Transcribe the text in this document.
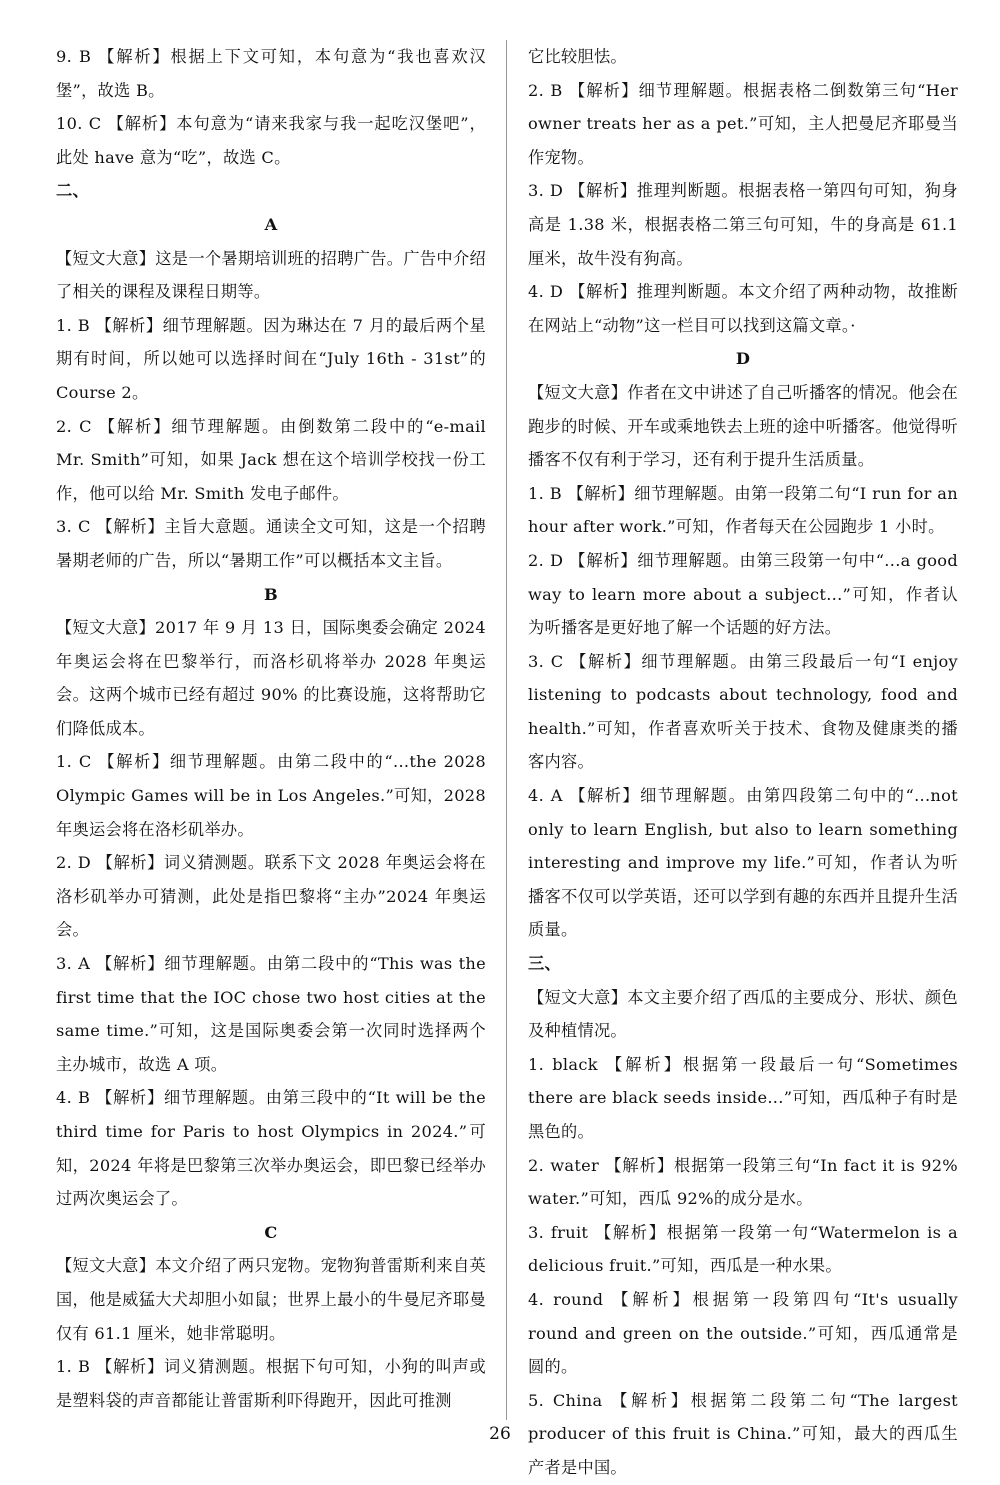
9. B 【解析】根据上下文可知，本句意为“我也喜欢汉堡”，故选 B。

10. C 【解析】本句意为“请来我家与我一起吃汉堡吧”，此处 have 意为“吃”，故选 C。

二、

A

【短文大意】这是一个暑期培训班的招聘广告。广告中介绍了相关的课程及课程日期等。

1. B 【解析】细节理解题。因为琳达在 7 月的最后两个星期有时间，所以她可以选择时间在“July 16th - 31st”的 Course 2。

2. C 【解析】细节理解题。由倒数第二段中的“e-mail Mr. Smith”可知，如果 Jack 想在这个培训学校找一份工作，他可以给 Mr. Smith 发电子邮件。

3. C 【解析】主旨大意题。通读全文可知，这是一个招聘暑期老师的广告，所以“暑期工作”可以概括本文主旨。

B

【短文大意】2017 年 9 月 13 日，国际奥委会确定 2024 年奥运会将在巴黎举行，而洛杉矶将举办 2028 年奥运会。这两个城市已经有超过 90% 的比赛设施，这将帮助它们降低成本。

1. C 【解析】细节理解题。由第二段中的“...the 2028 Olympic Games will be in Los Angeles.”可知，2028 年奥运会将在洛杉矶举办。

2. D 【解析】词义猜测题。联系下文 2028 年奥运会将在洛杉矶举办可猜测，此处是指巴黎将“主办”2024 年奥运会。

3. A 【解析】细节理解题。由第二段中的“This was the first time that the IOC chose two host cities at the same time.”可知，这是国际奥委会第一次同时选择两个主办城市，故选 A 项。

4. B 【解析】细节理解题。由第三段中的“It will be the third time for Paris to host Olympics in 2024.”可知，2024 年将是巴黎第三次举办奥运会，即巴黎已经举办过两次奥运会了。

C

【短文大意】本文介绍了两只宠物。宠物狗普雷斯利来自英国，他是威猛大犬却胆小如鼠；世界上最小的牛曼尼齐耶曼仅有 61.1 厘米，她非常聪明。

1. B 【解析】词义猜测题。根据下句可知，小狗的叫声或是塑料袋的声音都能让普雷斯利吓得跑开，因此可推测

它比较胆怯。

2. B 【解析】细节理解题。根据表格二倒数第三句“Her owner treats her as a pet.”可知，主人把曼尼齐耶曼当作宠物。

3. D 【解析】推理判断题。根据表格一第四句可知，狗身高是 1.38 米，根据表格二第三句可知，牛的身高是 61.1厘米，故牛没有狗高。

4. D 【解析】推理判断题。本文介绍了两种动物，故推断在网站上“动物”这一栏目可以找到这篇文章。·

D

【短文大意】作者在文中讲述了自己听播客的情况。他会在跑步的时候、开车或乘地铁去上班的途中听播客。他觉得听播客不仅有利于学习，还有利于提升生活质量。

1. B 【解析】细节理解题。由第一段第二句“I run for an hour after work.”可知，作者每天在公园跑步 1 小时。

2. D 【解析】细节理解题。由第三段第一句中“...a good way to learn more about a subject...”可知，作者认为听播客是更好地了解一个话题的好方法。

3. C 【解析】细节理解题。由第三段最后一句“I enjoy listening to podcasts about technology, food and health.”可知，作者喜欢听关于技术、食物及健康类的播客内容。

4. A 【解析】细节理解题。由第四段第二句中的“...not only to learn English, but also to learn something interesting and improve my life.”可知，作者认为听播客不仅可以学英语，还可以学到有趣的东西并且提升生活质量。

三、

【短文大意】本文主要介绍了西瓜的主要成分、形状、颜色及种植情况。

1. black 【解析】根据第一段最后一句“Sometimes there are black seeds inside...”可知，西瓜种子有时是黑色的。

2. water 【解析】根据第一段第三句“In fact it is 92% water.”可知，西瓜 92%的成分是水。

3. fruit 【解析】根据第一段第一句“Watermelon is a delicious fruit.”可知，西瓜是一种水果。

4. round 【解析】根据第一段第四句“It's usually round and green on the outside.”可知，西瓜通常是圆的。

5. China 【解析】根据第二段第二句“The largest producer of this fruit is China.”可知，最大的西瓜生产者是中国。

26
